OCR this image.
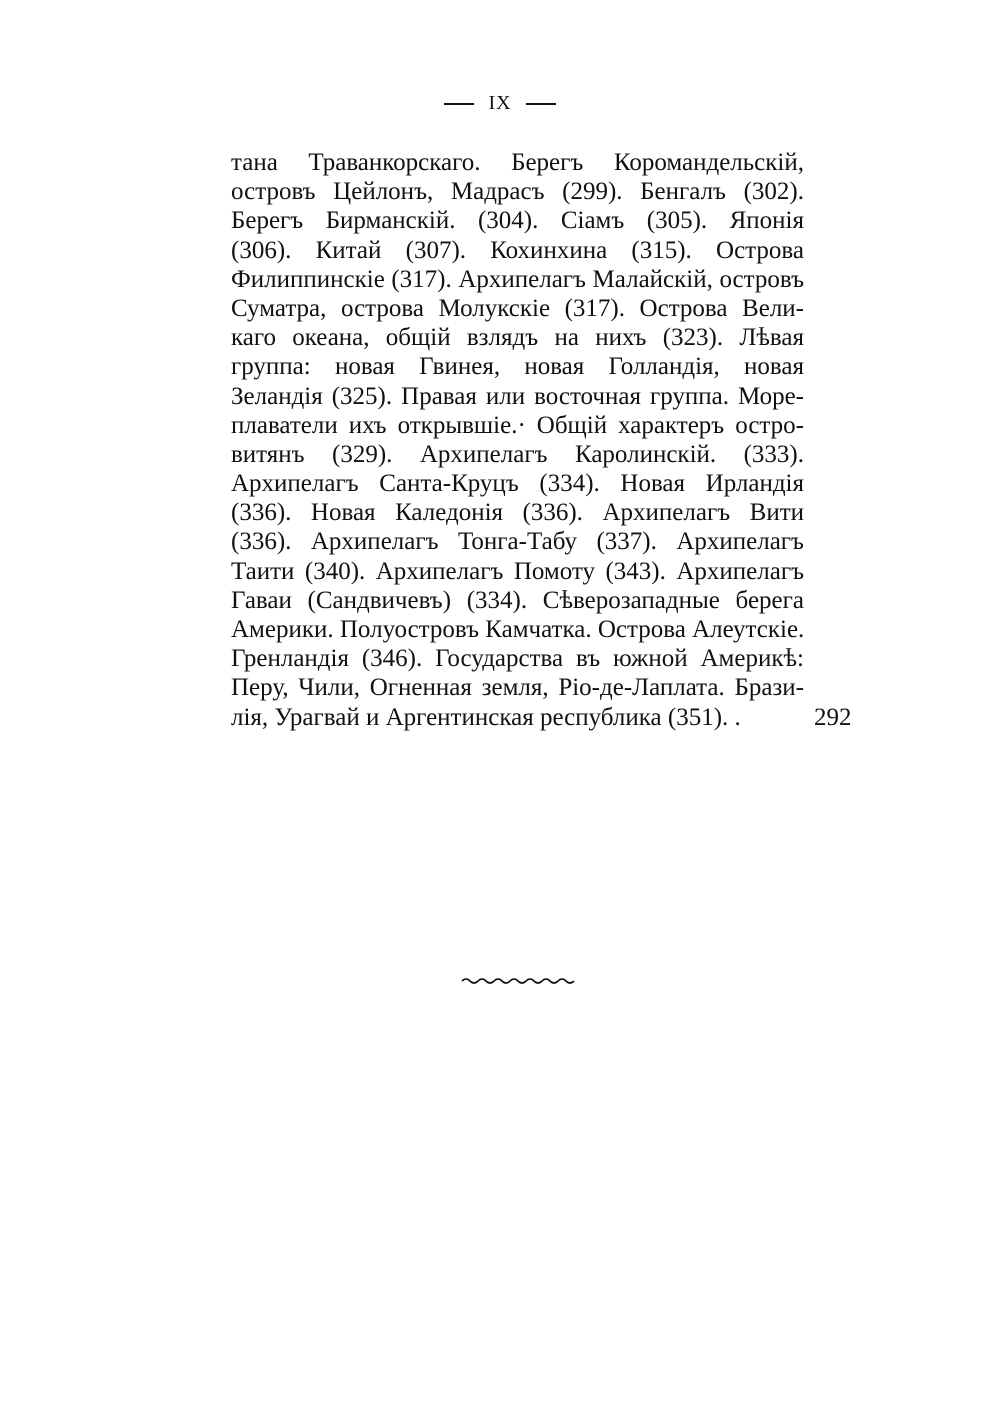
IX
тана Траванкорскаго. Берегъ Коромандельскiй,
островъ Цейлонъ, Мадрасъ (299). Бенгалъ (302).
Берегъ Бирманскiй. (304). Сiамъ (305). Японiя
(306). Китай (307). Кохинхина (315). Острова
Филиппинскiе (317). Архипелагъ Малайскiй, островъ
Суматра, острова Молукскiе (317). Острова Вели-
каго океана, общiй взлядъ на нихъ (323). Лѣвая
группа: новая Гвинея, новая Голландiя, новая
Зеландiя (325). Правая или восточная группа. Море-
плаватели ихъ открывшiе.· Общiй характеръ остро-
витянъ (329). Архипелагъ Каролинскiй. (333).
Архипелагъ Санта-Круцъ (334). Новая Ирландiя
(336). Новая Каледонiя (336). Архипелагъ Вити
(336). Архипелагъ Тонга-Табу (337). Архипелагъ
Таити (340). Архипелагъ Помоту (343). Архипелагъ
Гаваи (Сандвичевъ) (334). Сѣверозападные берега
Америки. Полуостровъ Камчатка. Острова Алеутскiе.
Гренландiя (346). Государства въ южной Америкѣ:
Перу, Чили, Огненная земля, Рiо-де-Лаплата. Брази-
лiя, Урагвай и Аргентинская республика (351). .	292
